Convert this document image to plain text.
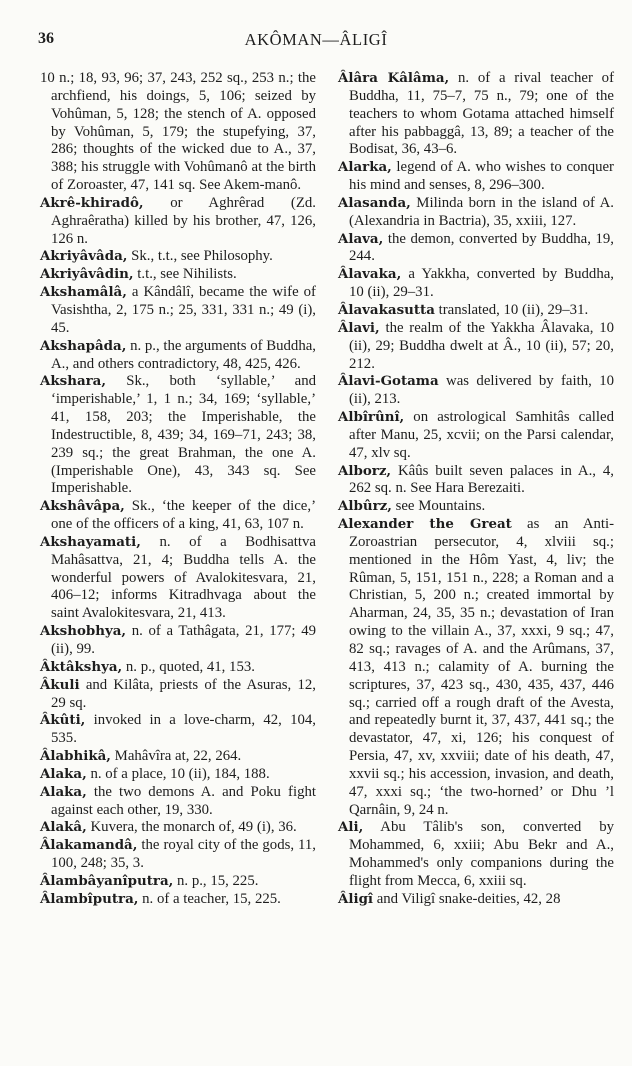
36	AKÔMAN—ÂLIGÎ

10 n.; 18, 93, 96; 37, 243, 252 sq., 253 n.; the archfiend, his doings, 5, 106; seized by Vohûman, 5, 128; the stench of A. opposed by Vohûman, 5, 179; the stupefying, 37, 286; thoughts of the wicked due to A., 37, 388; his struggle with Vohûmanô at the birth of Zoroaster, 47, 141 sq. See Akem-manô.

Akrê-khiradô, or Aghrêrad (Zd. Aghraêratha) killed by his brother, 47, 126, 126 n.

Akriyâvâda, Sk., t.t., see Philosophy.

Akriyâvâdin, t.t., see Nihilists.

Akshamâlâ, a Kândâlî, became the wife of Vasishtha, 2, 175 n.; 25, 331, 331 n.; 49 (i), 45.

Akshapâda, n. p., the arguments of Buddha, A., and others contradictory, 48, 425, 426.

Akshara, Sk., both ‘syllable,’ and ‘imperishable,’ 1, 1 n.; 34, 169; ‘syllable,’ 41, 158, 203; the Imperishable, the Indestructible, 8, 439; 34, 169–71, 243; 38, 239 sq.; the great Brahman, the one A. (Imperishable One), 43, 343 sq. See Imperishable.

Akshâvâpa, Sk., ‘the keeper of the dice,’ one of the officers of a king, 41, 63, 107 n.

Akshayamati, n. of a Bodhisattva Mahâsattva, 21, 4; Buddha tells A. the wonderful powers of Avalokitesvara, 21, 406–12; informs Kitradhvaga about the saint Avalokitesvara, 21, 413.

Akshobhya, n. of a Tathâgata, 21, 177; 49 (ii), 99.

Âktâkshya, n. p., quoted, 41, 153.

Âkuli and Kilâta, priests of the Asuras, 12, 29 sq.

Âkûti, invoked in a love-charm, 42, 104, 535.

Âlabhikâ, Mahâvîra at, 22, 264.

Alaka, n. of a place, 10 (ii), 184, 188.

Alaka, the two demons A. and Poku fight against each other, 19, 330.

Alakâ, Kuvera, the monarch of, 49 (i), 36.

Âlakamandâ, the royal city of the gods, 11, 100, 248; 35, 3.

Âlambâyanîputra, n. p., 15, 225.

Âlambîputra, n. of a teacher, 15, 225.

Âlâra Kâlâma, n. of a rival teacher of Buddha, 11, 75–7, 75 n., 79; one of the teachers to whom Gotama attached himself after his pabbaggâ, 13, 89; a teacher of the Bodisat, 36, 43–6.

Alarka, legend of A. who wishes to conquer his mind and senses, 8, 296–300.

Alasanda, Milinda born in the island of A. (Alexandria in Bactria), 35, xxiii, 127.

Alava, the demon, converted by Buddha, 19, 244.

Âlavaka, a Yakkha, converted by Buddha, 10 (ii), 29–31.

Âlavakasutta translated, 10 (ii), 29–31.

Âlavi, the realm of the Yakkha Âlavaka, 10 (ii), 29; Buddha dwelt at Â., 10 (ii), 57; 20, 212.

Âlavi-Gotama was delivered by faith, 10 (ii), 213.

Albîrûnî, on astrological Samhitâs called after Manu, 25, xcvii; on the Parsi calendar, 47, xlv sq.

Alborz, Kâûs built seven palaces in A., 4, 262 sq. n. See Hara Berezaiti.

Albûrz, see Mountains.

Alexander the Great as an Anti-Zoroastrian persecutor, 4, xlviii sq.; mentioned in the Hôm Yast, 4, liv; the Rûman, 5, 151, 151 n., 228; a Roman and a Christian, 5, 200 n.; created immortal by Aharman, 24, 35, 35 n.; devastation of Iran owing to the villain A., 37, xxxi, 9 sq.; 47, 82 sq.; ravages of A. and the Arûmans, 37, 413, 413 n.; calamity of A. burning the scriptures, 37, 423 sq., 430, 435, 437, 446 sq.; carried off a rough draft of the Avesta, and repeatedly burnt it, 37, 437, 441 sq.; the devastator, 47, xi, 126; his conquest of Persia, 47, xv, xxviii; date of his death, 47, xxvii sq.; his accession, invasion, and death, 47, xxxi sq.; ‘the two-horned’ or Dhu ’l Qarnâin, 9, 24 n.

Ali, Abu Tâlib's son, converted by Mohammed, 6, xxiii; Abu Bekr and A., Mohammed's only companions during the flight from Mecca, 6, xxiii sq.

Âligî and Viligî snake-deities, 42, 28
